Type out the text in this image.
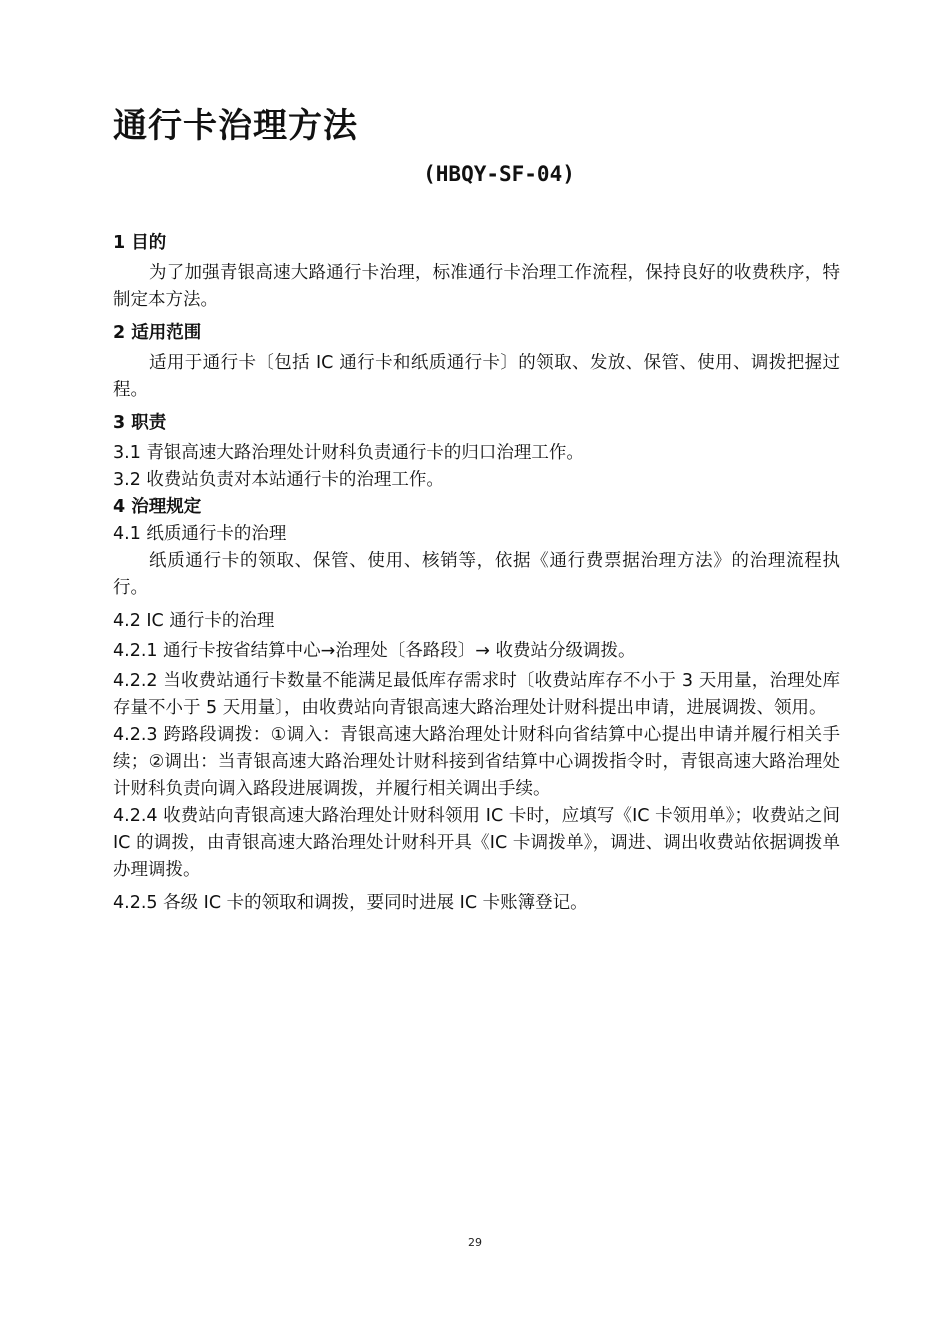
通行卡治理方法
(HBQY-SF-04)

1 目的

为了加强青银高速大路通行卡治理，标准通行卡治理工作流程，保持良好的收费秩序，特制定本方法。

2 适用范围

适用于通行卡〔包括 IC 通行卡和纸质通行卡〕的领取、发放、保管、使用、调拨把握过程。

3 职责

3.1 青银高速大路治理处计财科负责通行卡的归口治理工作。

3.2 收费站负责对本站通行卡的治理工作。

4 治理规定

4.1 纸质通行卡的治理

纸质通行卡的领取、保管、使用、核销等，依据《通行费票据治理方法》的治理流程执行。

4.2 IC 通行卡的治理

4.2.1 通行卡按省结算中心→治理处〔各路段〕→ 收费站分级调拨。

4.2.2 当收费站通行卡数量不能满足最低库存需求时〔收费站库存不小于 3 天用量，治理处库存量不小于 5 天用量〕，由收费站向青银高速大路治理处计财科提出申请，进展调拨、领用。

4.2.3 跨路段调拨：①调入：青银高速大路治理处计财科向省结算中心提出申请并履行相关手续；②调出：当青银高速大路治理处计财科接到省结算中心调拨指令时，青银高速大路治理处计财科负责向调入路段进展调拨，并履行相关调出手续。

4.2.4 收费站向青银高速大路治理处计财科领用 IC 卡时，应填写《IC 卡领用单》；收费站之间 IC 的调拨，由青银高速大路治理处计财科开具《IC 卡调拨单》，调进、调出收费站依据调拨单办理调拨。

4.2.5 各级 IC 卡的领取和调拨，要同时进展 IC 卡账簿登记。

29
